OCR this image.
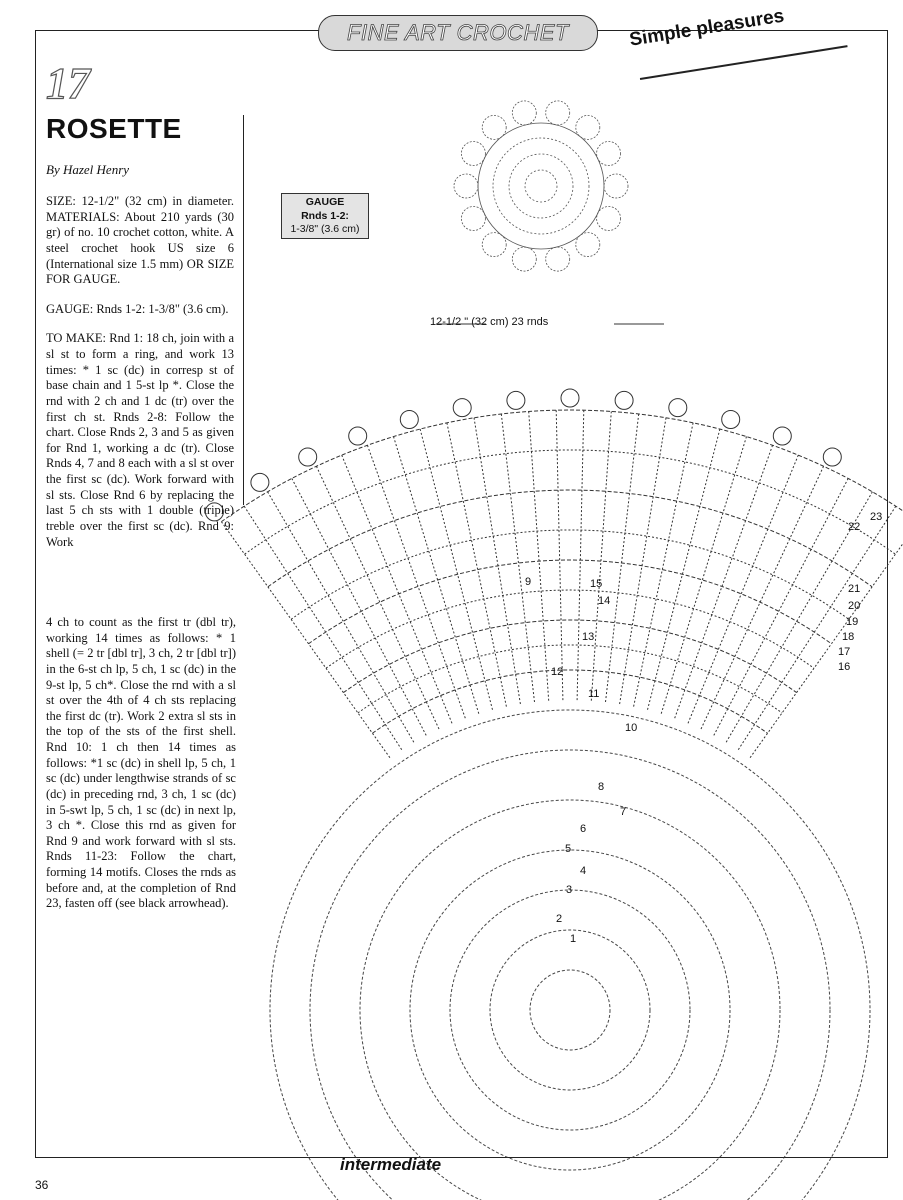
FINE ART CROCHET	Simple pleasures
17
ROSETTE
By Hazel Henry

SIZE: 12-1/2" (32 cm) in diameter. MATERIALS: About 210 yards (30 gr) of no. 10 crochet cotton, white. A steel crochet hook US size 6 (International size 1.5 mm) OR SIZE FOR GAUGE.

GAUGE: Rnds 1-2: 1-3/8" (3.6 cm).

TO MAKE: Rnd 1: 18 ch, join with a sl st to form a ring, and work 13 times: * 1 sc (dc) in corresp st of base chain and 1 5-st lp *. Close the rnd with 2 ch and 1 dc (tr) over the first ch st. Rnds 2-8: Follow the chart. Close Rnds 2, 3 and 5 as given for Rnd 1, working a dc (tr). Close Rnds 4, 7 and 8 each with a sl st over the first sc (dc). Work forward with sl sts. Close Rnd 6 by replacing the last 5 ch sts with 1 double (triple) treble over the first sc (dc). Rnd 9: Work

4 ch to count as the first tr (dbl tr), working 14 times as follows: * 1 shell (= 2 tr [dbl tr], 3 ch, 2 tr [dbl tr]) in the 6-st ch lp, 5 ch, 1 sc (dc) in the 9-st lp, 5 ch*. Close the rnd with a sl st over the 4th of 4 ch sts replacing the first dc (tr). Work 2 extra sl sts in the top of the sts of the first shell. Rnd 10: 1 ch then 14 times as follows: *1 sc (dc) in shell lp, 5 ch, 1 sc (dc) under lengthwise strands of sc (dc) in preceding rnd, 3 ch, 1 sc (dc) in 5-swt lp, 5 ch, 1 sc (dc) in next lp, 3 ch *. Close this rnd as given for Rnd 9 and work forward with sl sts. Rnds 11-23: Follow the chart, forming 14 motifs. Closes the rnds as before and, at the completion of Rnd 23, fasten off (see black arrowhead).
GAUGE
Rnds 1-2:
1-3/8" (3.6 cm)
12-1/2 " (32 cm) 23 rnds
1
2
3
4
5
6
7
8
9
10
11
12
13
14
15
16
17
18
19
20
21
22
23
intermediate
36
